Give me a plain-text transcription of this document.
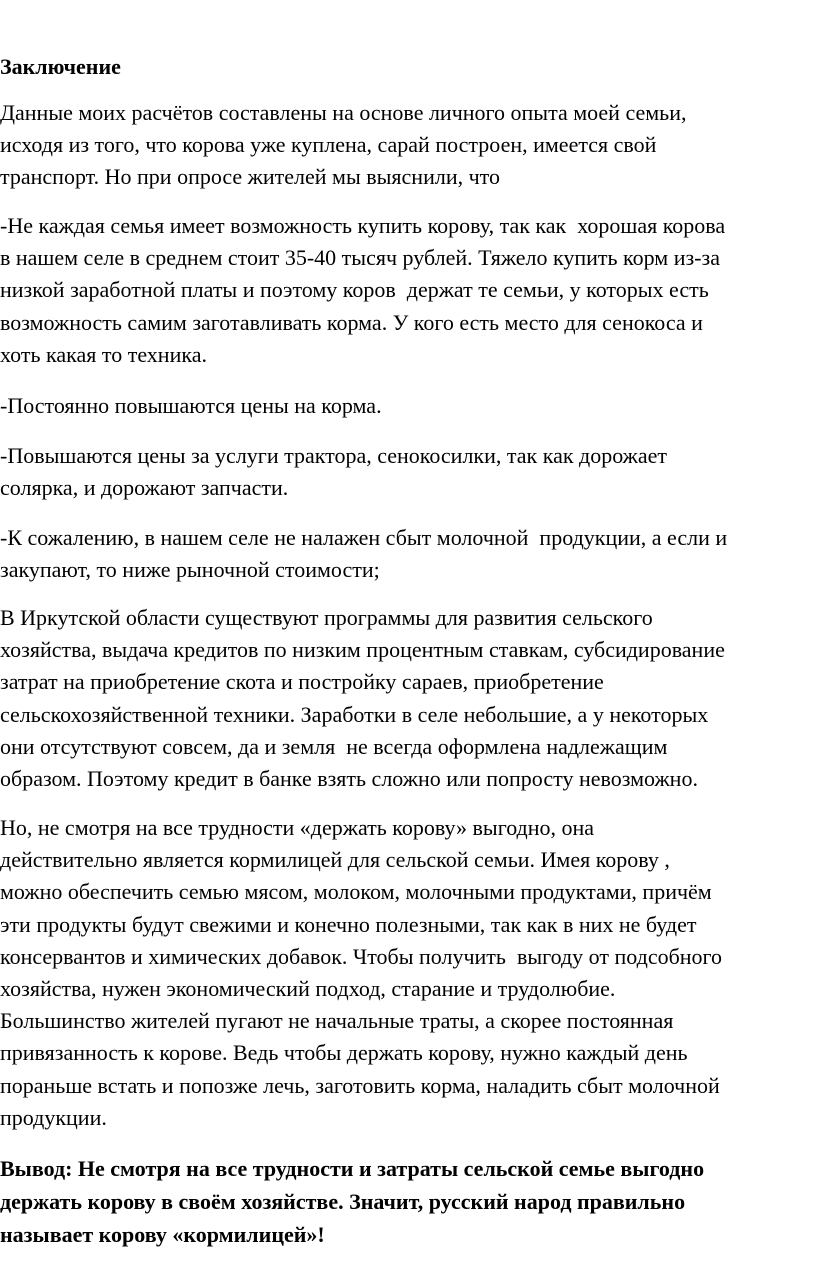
Заключение

Данные моих расчётов составлены на основе личного опыта моей семьи,
исходя из того, что корова уже куплена, сарай построен, имеется свой
транспорт. Но при опросе жителей мы выяснили, что

-Не каждая семья имеет возможность купить корову, так как  хорошая корова
в нашем селе в среднем стоит 35-40 тысяч рублей. Тяжело купить корм из-за
низкой заработной платы и поэтому коров  держат те семьи, у которых есть
возможность самим заготавливать корма. У кого есть место для сенокоса и
хоть какая то техника.

-Постоянно повышаются цены на корма.

-Повышаются цены за услуги трактора, сенокосилки, так как дорожает
солярка, и дорожают запчасти.

-К сожалению, в нашем селе не налажен сбыт молочной  продукции, а если и
закупают, то ниже рыночной стоимости;

В Иркутской области существуют программы для развития сельского
хозяйства, выдача кредитов по низким процентным ставкам, субсидирование
затрат на приобретение скота и постройку сараев, приобретение
сельскохозяйственной техники. Заработки в селе небольшие, а у некоторых
они отсутствуют совсем, да и земля  не всегда оформлена надлежащим
образом. Поэтому кредит в банке взять сложно или попросту невозможно.

Но, не смотря на все трудности «держать корову» выгодно, она
действительно является кормилицей для сельской семьи. Имея корову ,
можно обеспечить семью мясом, молоком, молочными продуктами, причём
эти продукты будут свежими и конечно полезными, так как в них не будет
консервантов и химических добавок. Чтобы получить  выгоду от подсобного
хозяйства, нужен экономический подход, старание и трудолюбие.
Большинство жителей пугают не начальные траты, а скорее постоянная
привязанность к корове. Ведь чтобы держать корову, нужно каждый день
пораньше встать и попозже лечь, заготовить корма, наладить сбыт молочной
продукции.

Вывод: Не смотря на все трудности и затраты сельской семье выгодно
держать корову в своём хозяйстве. Значит, русский народ правильно
называет корову «кормилицей»!
